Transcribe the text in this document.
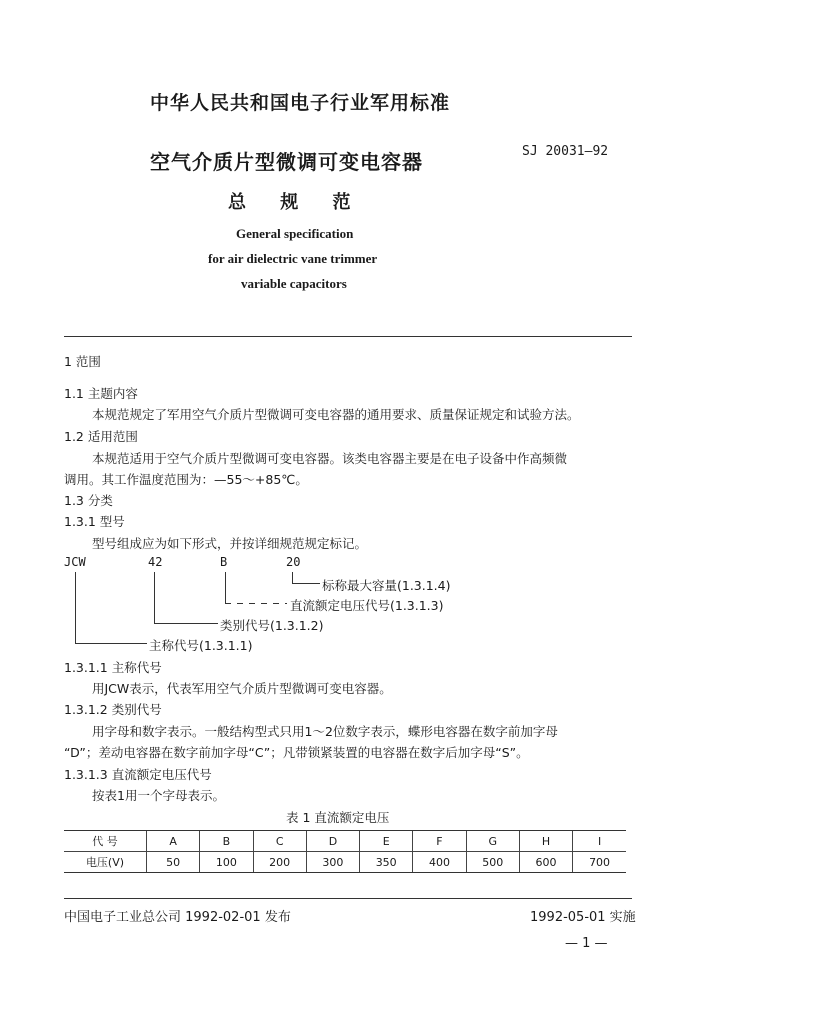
中华人民共和国电子行业军用标准
空气介质片型微调可变电容器	SJ 20031—92
总 规 范
General specification
for air dielectric vane trimmer
variable capacitors
1 范围
1.1 主题内容
本规范规定了军用空气介质片型微调可变电容器的通用要求、质量保证规定和试验方法。
1.2 适用范围
本规范适用于空气介质片型微调可变电容器。该类电容器主要是在电子设备中作高频微
调用。其工作温度范围为：—55～+85℃。
1.3 分类
1.3.1 型号
型号组成应为如下形式，并按详细规范规定标记。
JCW	42	B	20
标称最大容量(1.3.1.4)
直流额定电压代号(1.3.1.3)
类别代号(1.3.1.2)
主称代号(1.3.1.1)
1.3.1.1 主称代号
用JCW表示，代表军用空气介质片型微调可变电容器。
1.3.1.2 类别代号
用字母和数字表示。一般结构型式只用1～2位数字表示，蝶形电容器在数字前加字母
“D”；差动电容器在数字前加字母“C”；凡带锁紧装置的电容器在数字后加字母“S”。
1.3.1.3 直流额定电压代号
按表1用一个字母表示。
表 1 直流额定电压
代 号	A	B	C	D	E	F	G	H	I
电压(V)	50	100	200	300	350	400	500	600	700
中国电子工业总公司 1992-02-01 发布	1992-05-01 实施
— 1 —
